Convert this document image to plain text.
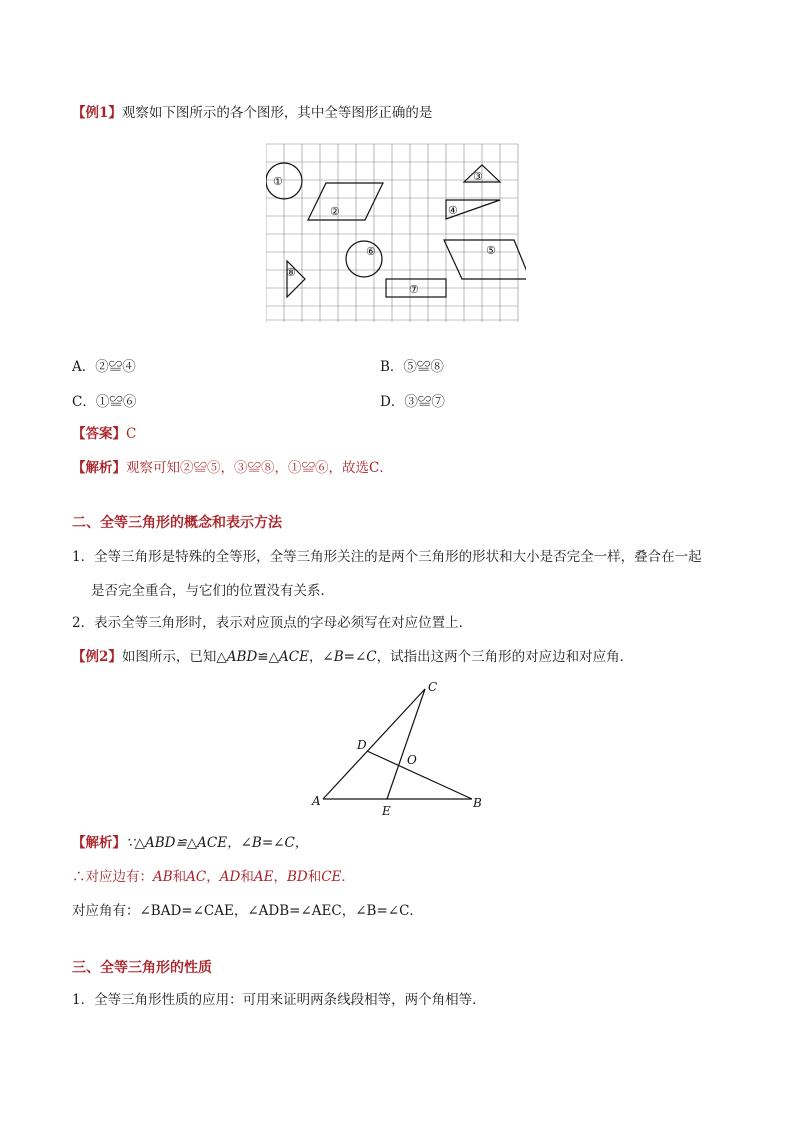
【例1】观察如下图所示的各个图形，其中全等图形正确的是
①
②
③
④
⑤
⑥
⑦
⑧
A．②≌④	B．⑤≌⑧
C．①≌⑥	D．③≌⑦
【答案】C
【解析】观察可知②≌⑤，③≌⑧，①≌⑥，故选C．
二、全等三角形的概念和表示方法
1．全等三角形是特殊的全等形，全等三角形关注的是两个三角形的形状和大小是否完全一样，叠合在一起
是否完全重合，与它们的位置没有关系．
2．表示全等三角形时，表示对应顶点的字母必须写在对应位置上．
【例2】如图所示，已知△ABD≌△ACE，∠B=∠C，试指出这两个三角形的对应边和对应角．
A	B
C
D
E
O
【解析】∵△ABD≌△ACE，∠B=∠C，
∴对应边有：AB和AC，AD和AE，BD和CE．
对应角有：∠BAD=∠CAE，∠ADB=∠AEC，∠B=∠C．
三、全等三角形的性质
1．全等三角形性质的应用：可用来证明两条线段相等，两个角相等．
